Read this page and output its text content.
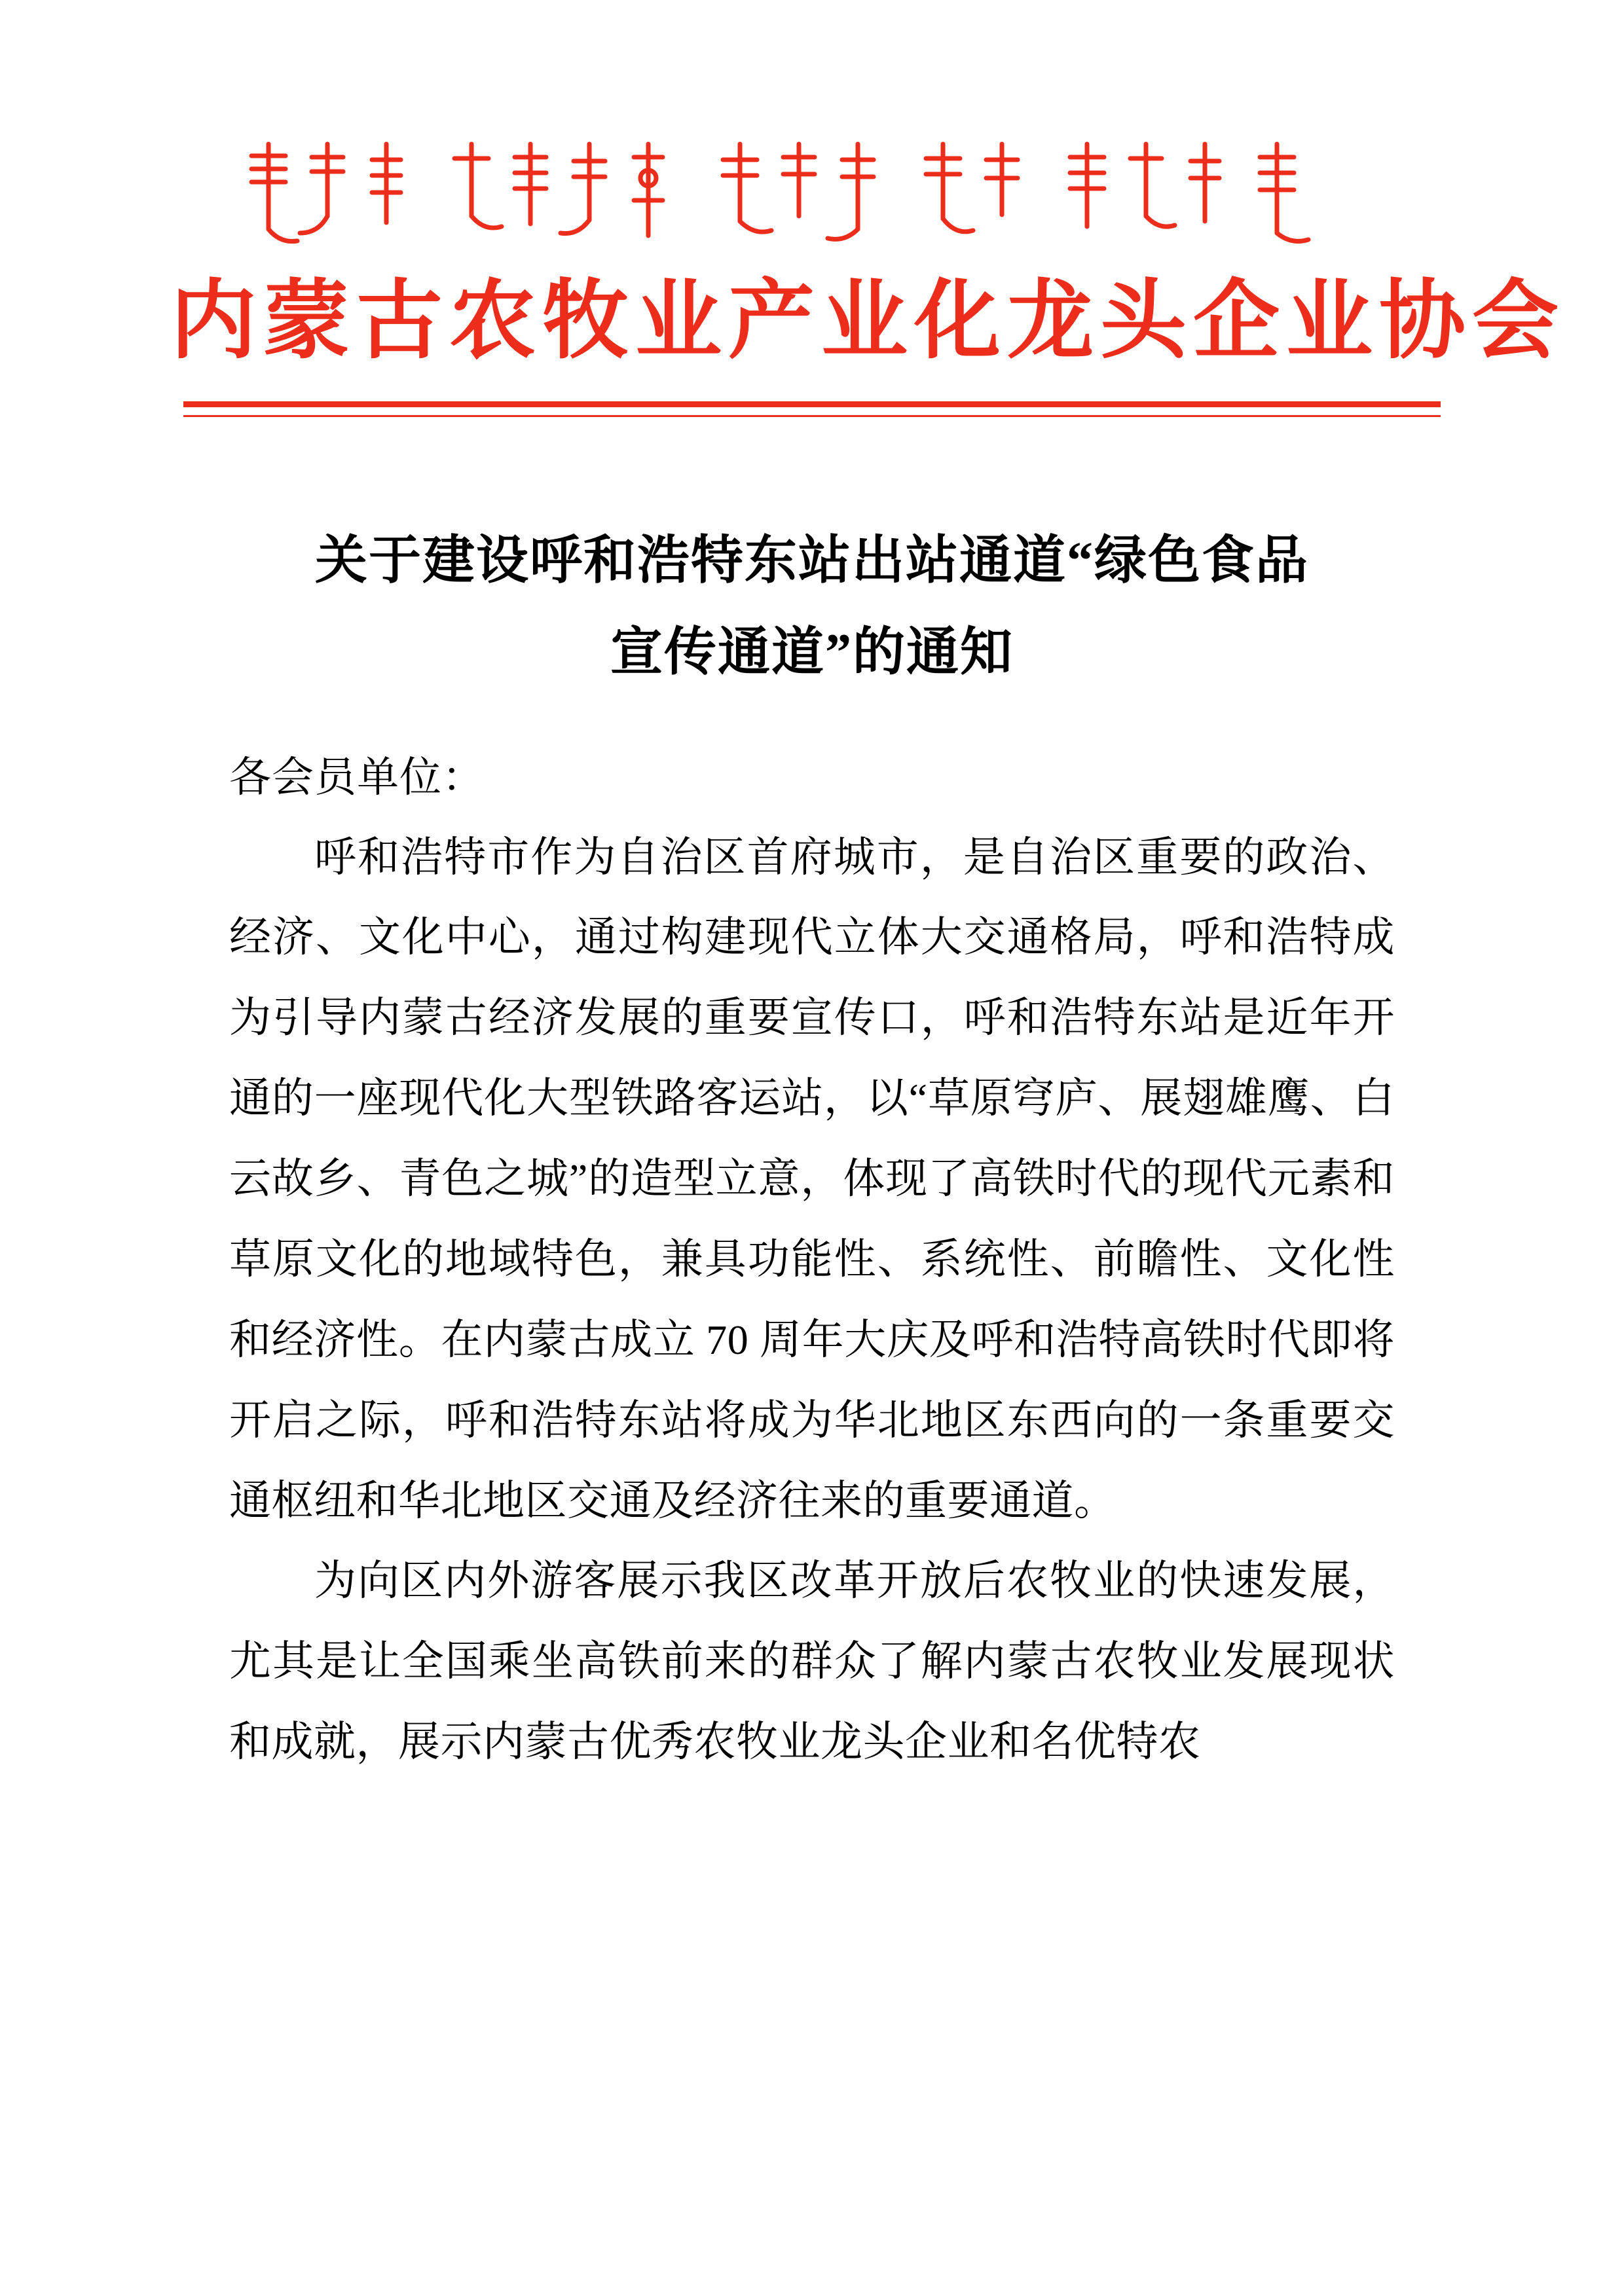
内蒙古农牧业产业化龙头企业协会
关于建设呼和浩特东站出站通道“绿色食品
宣传通道”的通知
各会员单位：

呼和浩特市作为自治区首府城市，是自治区重要的政治、经济、文化中心，通过构建现代立体大交通格局，呼和浩特成为引导内蒙古经济发展的重要宣传口，呼和浩特东站是近年开通的一座现代化大型铁路客运站，以“草原穹庐、展翅雄鹰、白云故乡、青色之城”的造型立意，体现了高铁时代的现代元素和草原文化的地域特色，兼具功能性、系统性、前瞻性、文化性和经济性。在内蒙古成立 70 周年大庆及呼和浩特高铁时代即将开启之际，呼和浩特东站将成为华北地区东西向的一条重要交通枢纽和华北地区交通及经济往来的重要通道。

为向区内外游客展示我区改革开放后农牧业的快速发展，尤其是让全国乘坐高铁前来的群众了解内蒙古农牧业发展现状和成就，展示内蒙古优秀农牧业龙头企业和名优特农
